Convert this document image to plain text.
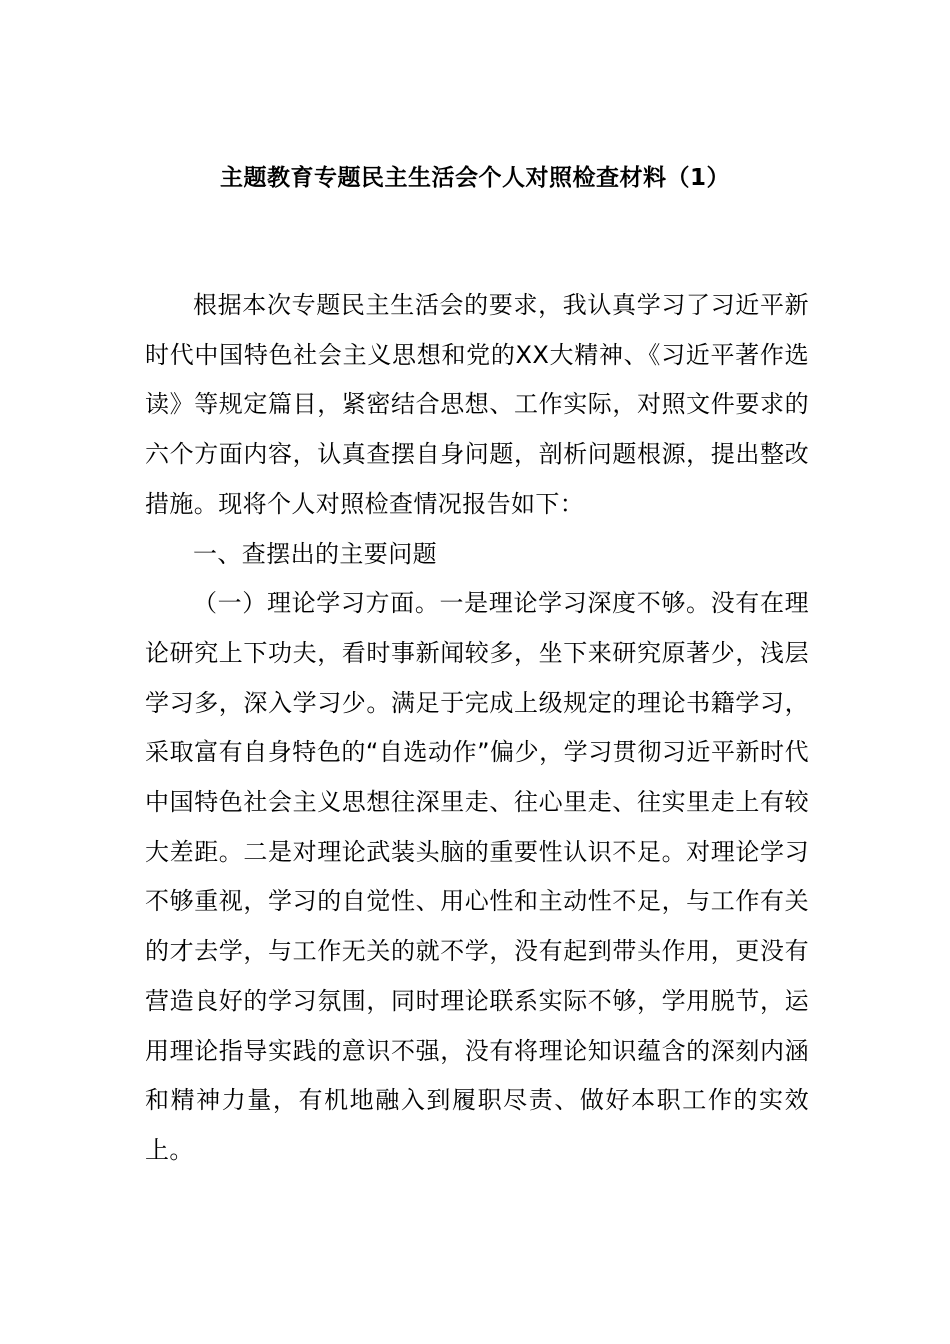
主题教育专题民主生活会个人对照检查材料（1）

根据本次专题民主生活会的要求，我认真学习了习近平新时代中国特色社会主义思想和党的XX大精神、《习近平著作选读》等规定篇目，紧密结合思想、工作实际，对照文件要求的六个方面内容，认真查摆自身问题，剖析问题根源，提出整改措施。现将个人对照检查情况报告如下：

一、查摆出的主要问题

（一）理论学习方面。一是理论学习深度不够。没有在理论研究上下功夫，看时事新闻较多，坐下来研究原著少，浅层学习多，深入学习少。满足于完成上级规定的理论书籍学习，采取富有自身特色的“自选动作”偏少，学习贯彻习近平新时代中国特色社会主义思想往深里走、往心里走、往实里走上有较大差距。二是对理论武装头脑的重要性认识不足。对理论学习不够重视，学习的自觉性、用心性和主动性不足，与工作有关的才去学，与工作无关的就不学，没有起到带头作用，更没有营造良好的学习氛围，同时理论联系实际不够，学用脱节，运用理论指导实践的意识不强，没有将理论知识蕴含的深刻内涵和精神力量，有机地融入到履职尽责、做好本职工作的实效上。
